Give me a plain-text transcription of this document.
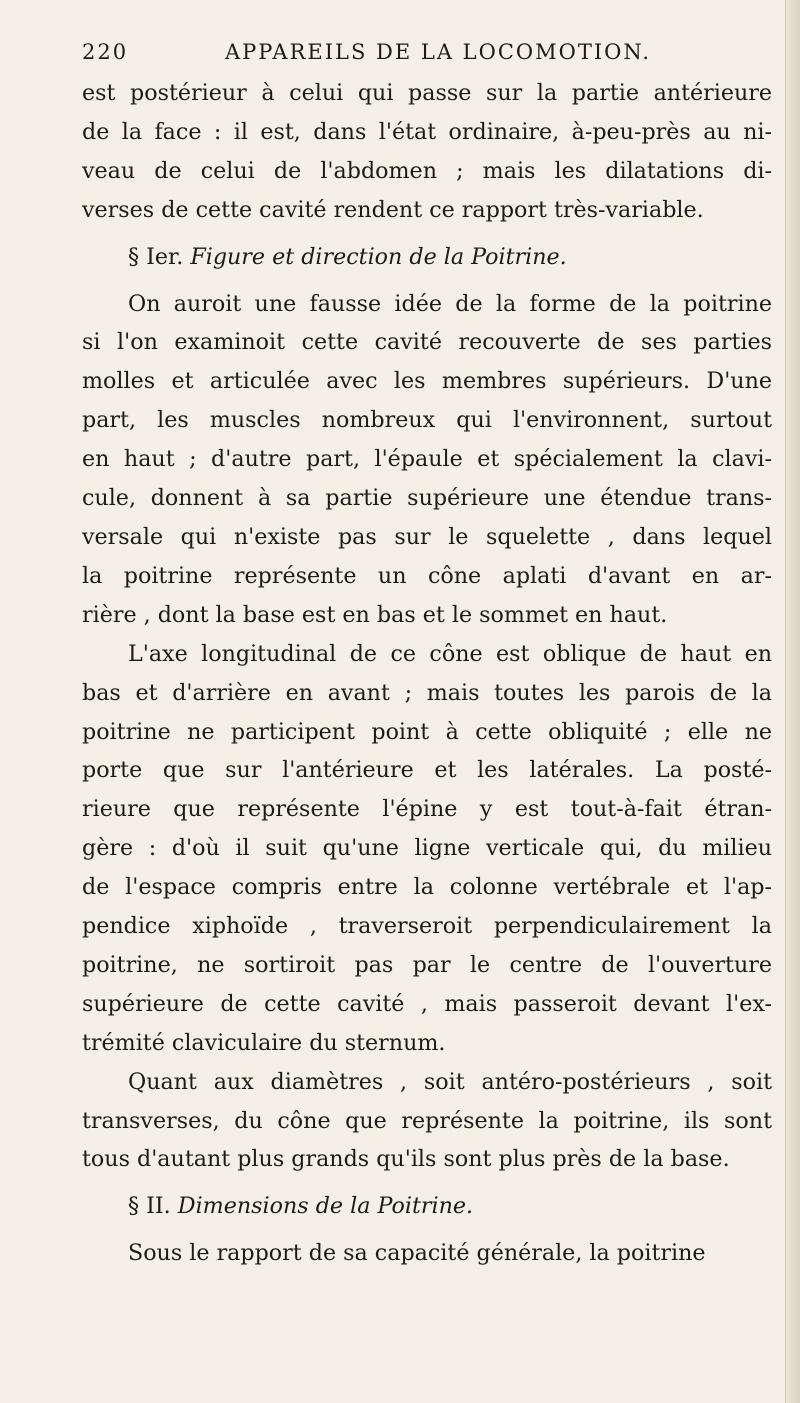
220	APPAREILS DE LA LOCOMOTION.

est postérieur à celui qui passe sur la partie antérieure
de la face : il est, dans l'état ordinaire, à-peu-près au ni-
veau de celui de l'abdomen ; mais les dilatations di-
verses de cette cavité rendent ce rapport très-variable.

§ Ier. Figure et direction de la Poitrine.

On auroit une fausse idée de la forme de la poitrine
si l'on examinoit cette cavité recouverte de ses parties
molles et articulée avec les membres supérieurs. D'une
part, les muscles nombreux qui l'environnent, surtout
en haut ; d'autre part, l'épaule et spécialement la clavi-
cule, donnent à sa partie supérieure une étendue trans-
versale qui n'existe pas sur le squelette , dans lequel
la poitrine représente un cône aplati d'avant en ar-
rière , dont la base est en bas et le sommet en haut.

L'axe longitudinal de ce cône est oblique de haut en
bas et d'arrière en avant ; mais toutes les parois de la
poitrine ne participent point à cette obliquité ; elle ne
porte que sur l'antérieure et les latérales. La posté-
rieure que représente l'épine y est tout-à-fait étran-
gère : d'où il suit qu'une ligne verticale qui, du milieu
de l'espace compris entre la colonne vertébrale et l'ap-
pendice xiphoïde , traverseroit perpendiculairement la
poitrine, ne sortiroit pas par le centre de l'ouverture
supérieure de cette cavité , mais passeroit devant l'ex-
trémité claviculaire du sternum.

Quant aux diamètres , soit antéro-postérieurs , soit
transverses, du cône que représente la poitrine, ils sont
tous d'autant plus grands qu'ils sont plus près de la base.

§ II. Dimensions de la Poitrine.

Sous le rapport de sa capacité générale, la poitrine
